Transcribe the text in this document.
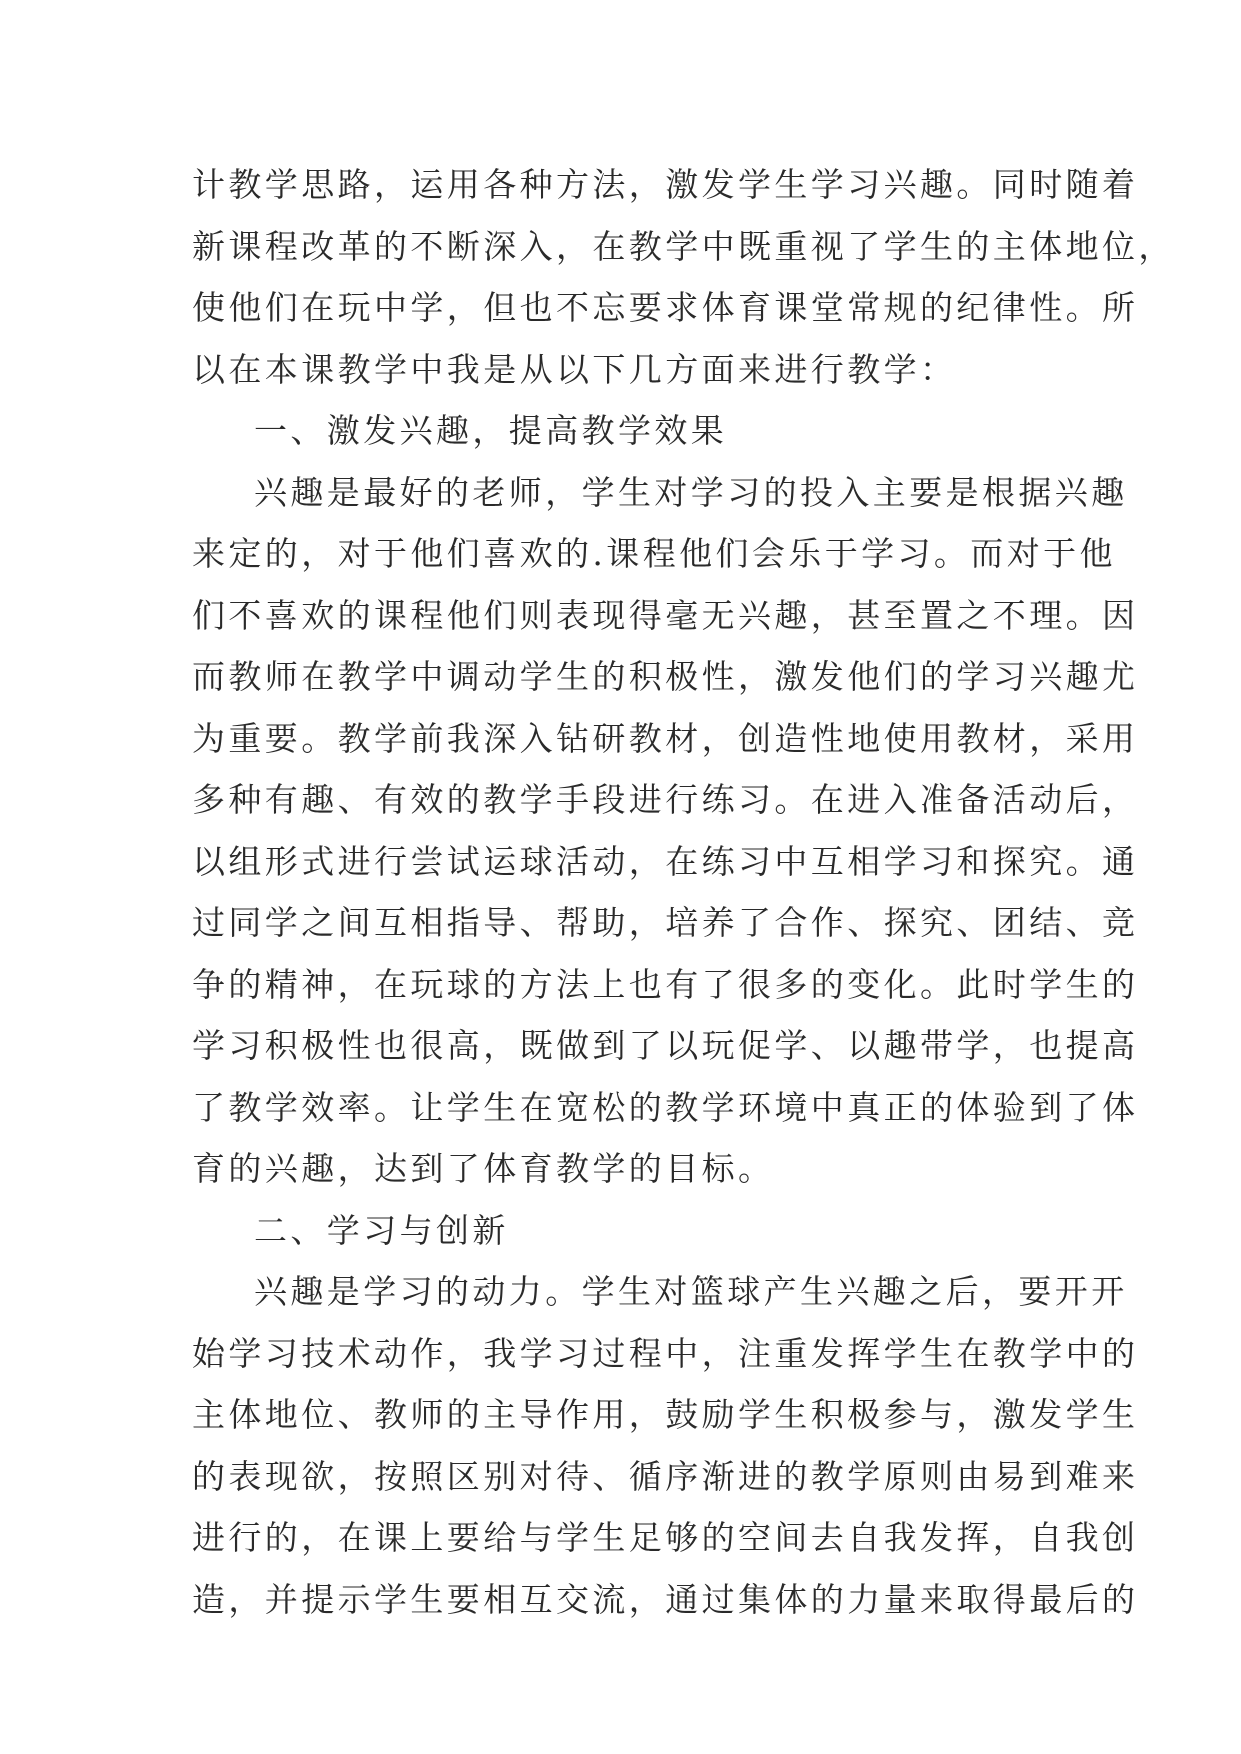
计教学思路，运用各种方法，激发学生学习兴趣。同时随着
新课程改革的不断深入，在教学中既重视了学生的主体地位，
使他们在玩中学，但也不忘要求体育课堂常规的纪律性。所
以在本课教学中我是从以下几方面来进行教学：
一、激发兴趣，提高教学效果
兴趣是最好的老师，学生对学习的投入主要是根据兴趣
来定的，对于他们喜欢的.课程他们会乐于学习。而对于他
们不喜欢的课程他们则表现得毫无兴趣，甚至置之不理。因
而教师在教学中调动学生的积极性，激发他们的学习兴趣尤
为重要。教学前我深入钻研教材，创造性地使用教材，采用
多种有趣、有效的教学手段进行练习。在进入准备活动后，
以组形式进行尝试运球活动，在练习中互相学习和探究。通
过同学之间互相指导、帮助，培养了合作、探究、团结、竞
争的精神，在玩球的方法上也有了很多的变化。此时学生的
学习积极性也很高，既做到了以玩促学、以趣带学，也提高
了教学效率。让学生在宽松的教学环境中真正的体验到了体
育的兴趣，达到了体育教学的目标。
二、学习与创新
兴趣是学习的动力。学生对篮球产生兴趣之后，要开开
始学习技术动作，我学习过程中，注重发挥学生在教学中的
主体地位、教师的主导作用，鼓励学生积极参与，激发学生
的表现欲，按照区别对待、循序渐进的教学原则由易到难来
进行的，在课上要给与学生足够的空间去自我发挥，自我创
造，并提示学生要相互交流，通过集体的力量来取得最后的
